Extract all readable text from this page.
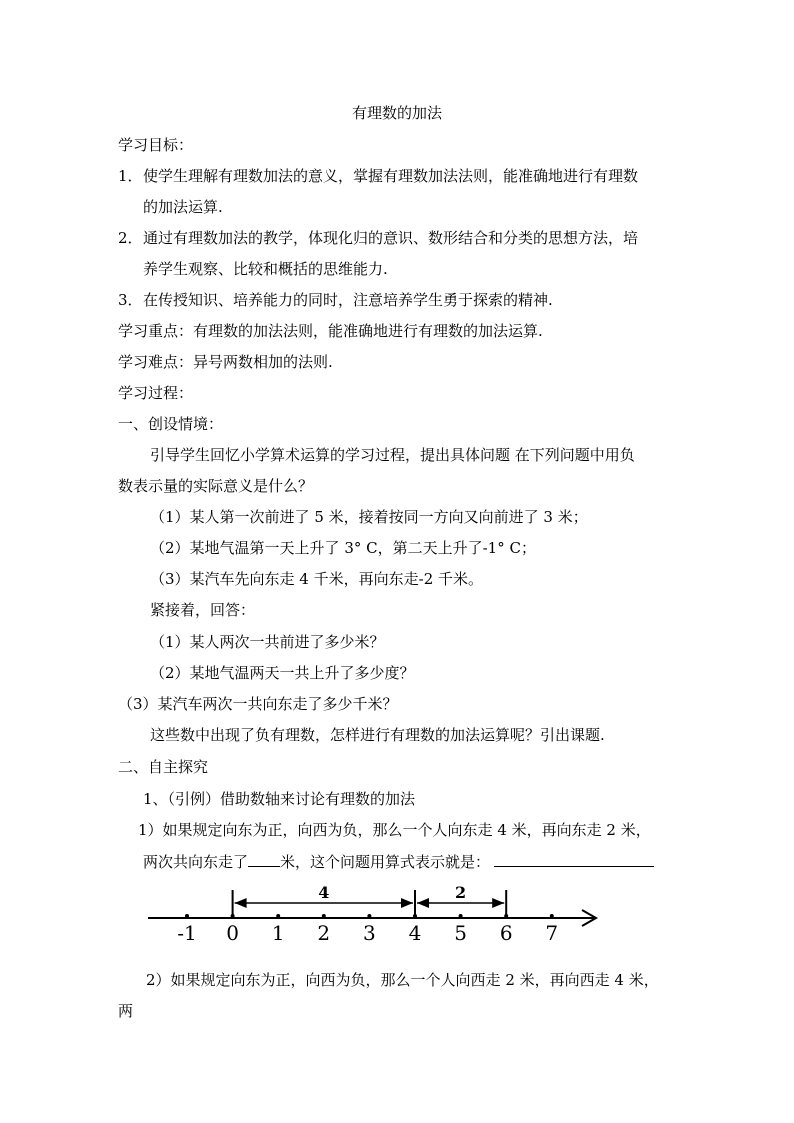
有理数的加法
学习目标：
1． 使学生理解有理数加法的意义，掌握有理数加法法则，能准确地进行有理数
的加法运算.
2． 通过有理数加法的教学，体现化归的意识、数形结合和分类的思想方法，培
养学生观察、比较和概括的思维能力.
3． 在传授知识、培养能力的同时，注意培养学生勇于探索的精神.
学习重点：有理数的加法法则，能准确地进行有理数的加法运算.
学习难点：异号两数相加的法则.
学习过程：
一、创设情境：
引导学生回忆小学算术运算的学习过程，提出具体问题 在下列问题中用负
数表示量的实际意义是什么？
（1）某人第一次前进了 5 米，接着按同一方向又向前进了 3 米；
（2）某地气温第一天上升了 3° C，第二天上升了-1° C；
（3）某汽车先向东走 4 千米，再向东走-2 千米。
紧接着，回答：
（1）某人两次一共前进了多少米？
（2）某地气温两天一共上升了多少度？
（3）某汽车两次一共向东走了多少千米？
这些数中出现了负有理数，怎样进行有理数的加法运算呢？引出课题.
二、自主探究
1、（引例）借助数轴来讨论有理数的加法
1）如果规定向东为正，向西为负，那么一个人向东走 4 米，再向东走 2 米，
两次共向东走了 米，这个问题用算式表示就是：
-1 0 1 2 3 4 5 6 7
4	2
2）如果规定向东为正，向西为负，那么一个人向西走 2 米，再向西走 4 米，
两
